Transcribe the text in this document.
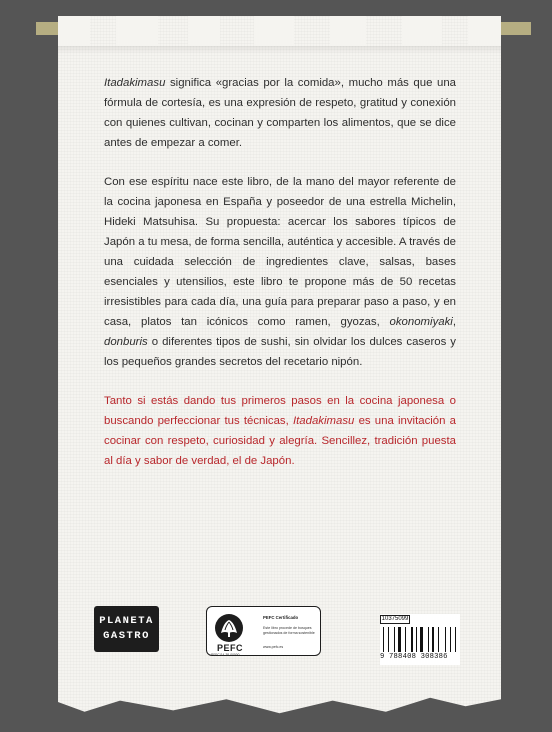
Itadakimasu significa «gracias por la comida», mucho más que una fórmula de cortesía, es una expresión de respeto, gratitud y conexión con quienes cultivan, cocinan y comparten los alimentos, que se dice antes de empezar a comer.

Con ese espíritu nace este libro, de la mano del mayor referente de la cocina japonesa en España y poseedor de una estrella Michelin, Hideki Matsuhisa. Su propuesta: acercar los sabores típicos de Japón a tu mesa, de forma sencilla, auténtica y accesible. A través de una cuidada selección de ingredientes clave, salsas, bases esenciales y utensilios, este libro te propone más de 50 recetas irresistibles para cada día, una guía para preparar paso a paso, y en casa, platos tan icónicos como ramen, gyozas, okonomiyaki, donburis o diferentes tipos de sushi, sin olvidar los dulces caseros y los pequeños grandes secretos del recetario nipón.

Tanto si estás dando tus primeros pasos en la cocina japonesa o buscando perfeccionar tus técnicas, Itadakimasu es una invitación a cocinar con respeto, curiosidad y alegría. Sencillez, tradición puesta al día y sabor de verdad, el de Japón.

PLANETA
GASTRO
PEFC
PEFC/14-38-00000
PEFC Certificado
Este libro procede de bosques gestionados de forma sostenible
www.pefc.es
10375099
9 788408 308386
